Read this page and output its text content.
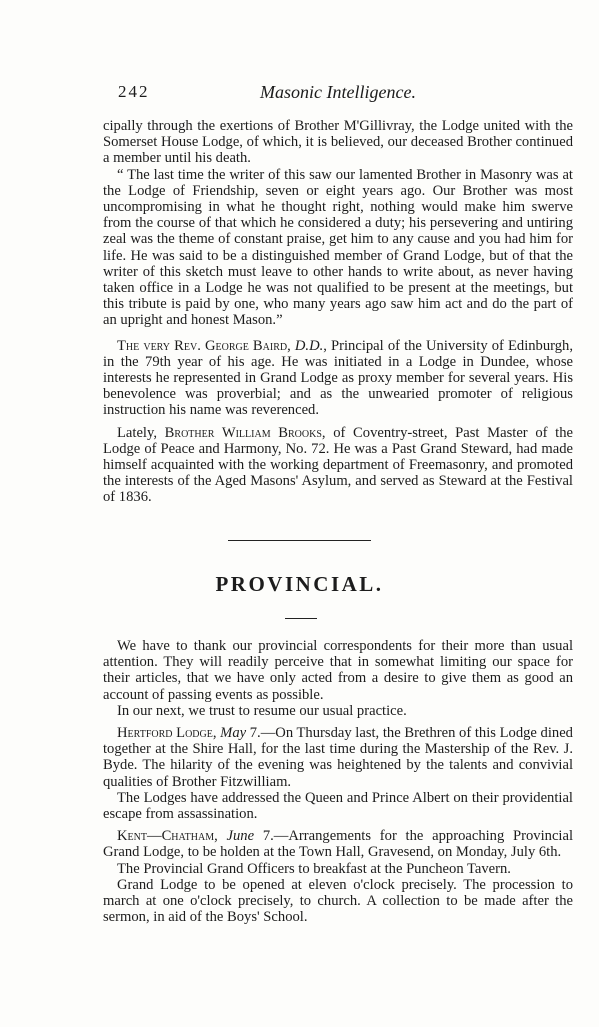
242	Masonic Intelligence.

cipally through the exertions of Brother M'Gillivray, the Lodge united with the Somerset House Lodge, of which, it is believed, our deceased Brother continued a member until his death.

“ The last time the writer of this saw our lamented Brother in Masonry was at the Lodge of Friendship, seven or eight years ago. Our Brother was most uncompromising in what he thought right, nothing would make him swerve from the course of that which he considered a duty; his persevering and untiring zeal was the theme of constant praise, get him to any cause and you had him for life. He was said to be a distinguished member of Grand Lodge, but of that the writer of this sketch must leave to other hands to write about, as never having taken office in a Lodge he was not qualified to be present at the meetings, but this tribute is paid by one, who many years ago saw him act and do the part of an upright and honest Mason.”

The very Rev. George Baird, D.D., Principal of the University of Edinburgh, in the 79th year of his age. He was initiated in a Lodge in Dundee, whose interests he represented in Grand Lodge as proxy member for several years. His benevolence was proverbial; and as the unwearied promoter of religious instruction his name was reverenced.

Lately, Brother William Brooks, of Coventry-street, Past Master of the Lodge of Peace and Harmony, No. 72. He was a Past Grand Steward, had made himself acquainted with the working department of Freemasonry, and promoted the interests of the Aged Masons' Asylum, and served as Steward at the Festival of 1836.

PROVINCIAL.

We have to thank our provincial correspondents for their more than usual attention. They will readily perceive that in somewhat limiting our space for their articles, that we have only acted from a desire to give them as good an account of passing events as possible.

In our next, we trust to resume our usual practice.

Hertford Lodge, May 7.—On Thursday last, the Brethren of this Lodge dined together at the Shire Hall, for the last time during the Mastership of the Rev. J. Byde. The hilarity of the evening was heightened by the talents and convivial qualities of Brother Fitzwilliam.

The Lodges have addressed the Queen and Prince Albert on their providential escape from assassination.

Kent—Chatham, June 7.—Arrangements for the approaching Provincial Grand Lodge, to be holden at the Town Hall, Gravesend, on Monday, July 6th.

The Provincial Grand Officers to breakfast at the Puncheon Tavern.

Grand Lodge to be opened at eleven o'clock precisely. The procession to march at one o'clock precisely, to church. A collection to be made after the sermon, in aid of the Boys' School.
